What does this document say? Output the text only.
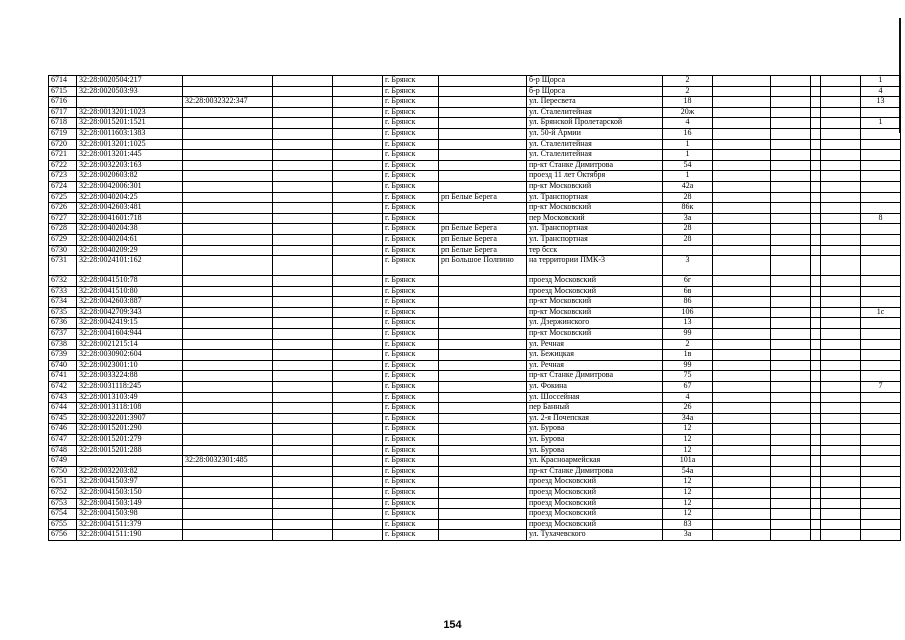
6714	32:28:0020504:217				г. Брянск		б-р Щорса	2					1
6715	32:28:0020503:93				г. Брянск		б-р Щорса	2					4
6716		32:28:0032322:347			г. Брянск		ул. Пересвета	18					13
6717	32:28:0013201:1023				г. Брянск		ул. Сталелитейная	20ж					
6718	32:28:0015201:1521				г. Брянск		ул. Брянской Пролетарской	4					1
6719	32:28:0011603:1383				г. Брянск		ул. 50-й Армии	16					
6720	32:28:0013201:1025				г. Брянск		ул. Сталелитейная	1					
6721	32:28:0013201:445				г. Брянск		ул. Сталелитейная	1					
6722	32:28:0032203:163				г. Брянск		пр-кт Станке Димитрова	54					
6723	32:28:0020603:82				г. Брянск		проезд 11 лет Октября	1					
6724	32:28:0042006:301				г. Брянск		пр-кт Московский	42а					
6725	32:28:0040204:25				г. Брянск	рп Белые Берега	ул. Транспортная	28					
6726	32:28:0042603:481				г. Брянск		пр-кт Московский	86к					
6727	32:28:0041601:718				г. Брянск		пер Московский	3а					8
6728	32:28:0040204:38				г. Брянск	рп Белые Берега	ул. Транспортная	28					
6729	32:28:0040204:61				г. Брянск	рп Белые Берега	ул. Транспортная	28					
6730	32:28:0040209:29				г. Брянск	рп Белые Берега	тер бсск						
6731	32:28:0024101:162				г. Брянск	рп Большое Полпино	на территории ПМК-3	3					
6732	32:28:0041510:78				г. Брянск		проезд Московский	6г					
6733	32:28:0041510:80				г. Брянск		проезд Московский	6в					
6734	32:28:0042603:887				г. Брянск		пр-кт Московский	86					
6735	32:28:0042709:343				г. Брянск		пр-кт Московский	106					1с
6736	32:28:0042419:15				г. Брянск		ул. Дзержинского	13					
6737	32:28:0041604:944				г. Брянск		пр-кт Московский	99					
6738	32:28:0021215:14				г. Брянск		ул. Речная	2					
6739	32:28:0030902:604				г. Брянск		ул. Бежицкая	1в					
6740	32:28:0023001:10				г. Брянск		ул. Речная	99					
6741	32:28:0033224:88				г. Брянск		пр-кт Станке Димитрова	75					
6742	32:28:0031118:245				г. Брянск		ул. Фокина	67					7
6743	32:28:0013103:49				г. Брянск		ул. Шоссейная	4					
6744	32:28:0013118:108				г. Брянск		пер Банный	26					
6745	32:28:0032201:3907				г. Брянск		ул. 2-я Почепская	34а					
6746	32:28:0015201:290				г. Брянск		ул. Бурова	12					
6747	32:28:0015201:279				г. Брянск		ул. Бурова	12					
6748	32:28:0015201:288				г. Брянск		ул. Бурова	12					
6749		32:28:0032301:485			г. Брянск		ул. Красноармейская	101а					
6750	32:28:0032203:82				г. Брянск		пр-кт Станке Димитрова	54а					
6751	32:28:0041503:97				г. Брянск		проезд Московский	12					
6752	32:28:0041503:150				г. Брянск		проезд Московский	12					
6753	32:28:0041503:149				г. Брянск		проезд Московский	12					
6754	32:28:0041503:98				г. Брянск		проезд Московский	12					
6755	32:28:0041511:379				г. Брянск		проезд Московский	83					
6756	32:28:0041511:190				г. Брянск		ул. Тухачевского	3а					
154
